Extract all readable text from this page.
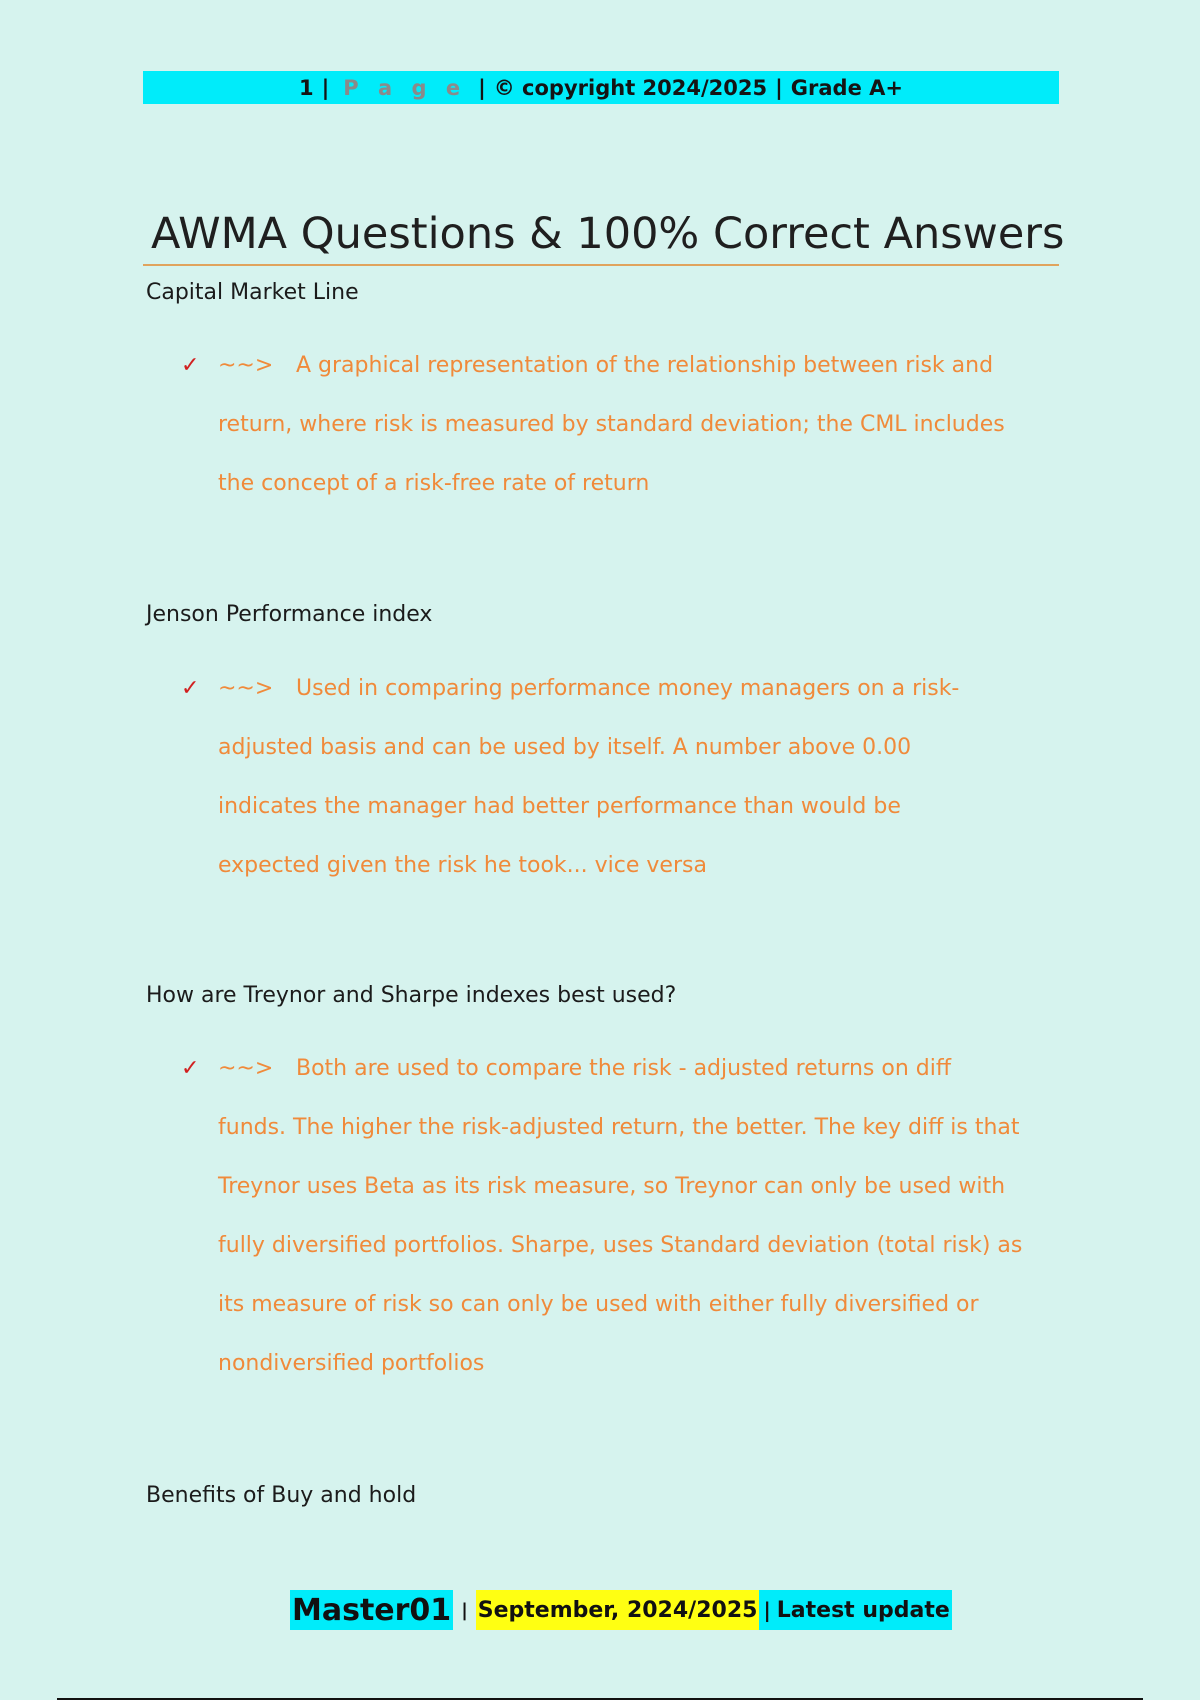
1 | P a g e | © copyright 2024/2025 | Grade A+
AWMA Questions & 100% Correct Answers
Capital Market Line
✓ ~~>	A graphical representation of the relationship between risk and
return, where risk is measured by standard deviation; the CML includes
the concept of a risk-free rate of return
Jenson Performance index
✓ ~~>	Used in comparing performance money managers on a risk-
adjusted basis and can be used by itself. A number above 0.00
indicates the manager had better performance than would be
expected given the risk he took... vice versa
How are Treynor and Sharpe indexes best used?
✓ ~~>	Both are used to compare the risk - adjusted returns on diff
funds. The higher the risk-adjusted return, the better. The key diff is that
Treynor uses Beta as its risk measure, so Treynor can only be used with
fully diversified portfolios. Sharpe, uses Standard deviation (total risk) as
its measure of risk so can only be used with either fully diversified or
nondiversified portfolios
Benefits of Buy and hold
Master01 | September, 2024/2025 | Latest update
